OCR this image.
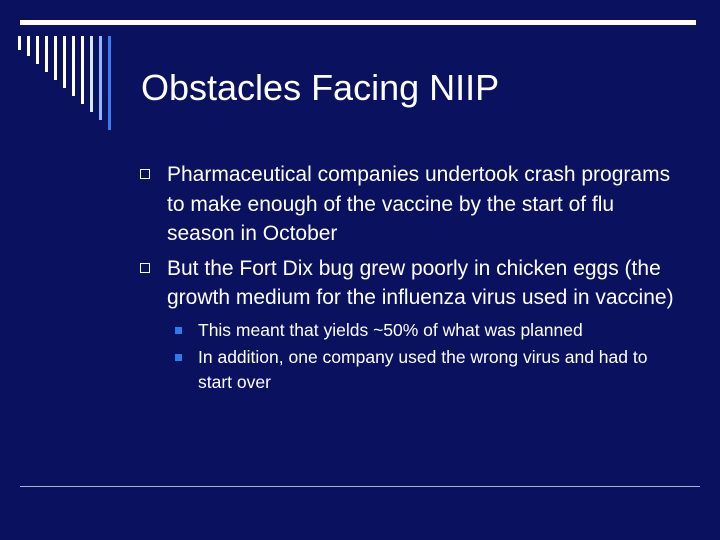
Obstacles Facing NIIP
Pharmaceutical companies undertook crash programs to make enough of the vaccine by the start of flu season in October
But the Fort Dix bug grew poorly in chicken eggs (the growth medium for the influenza virus used in vaccine)
This meant that yields ~50% of what was planned
In addition, one company used the wrong virus and had to start over
